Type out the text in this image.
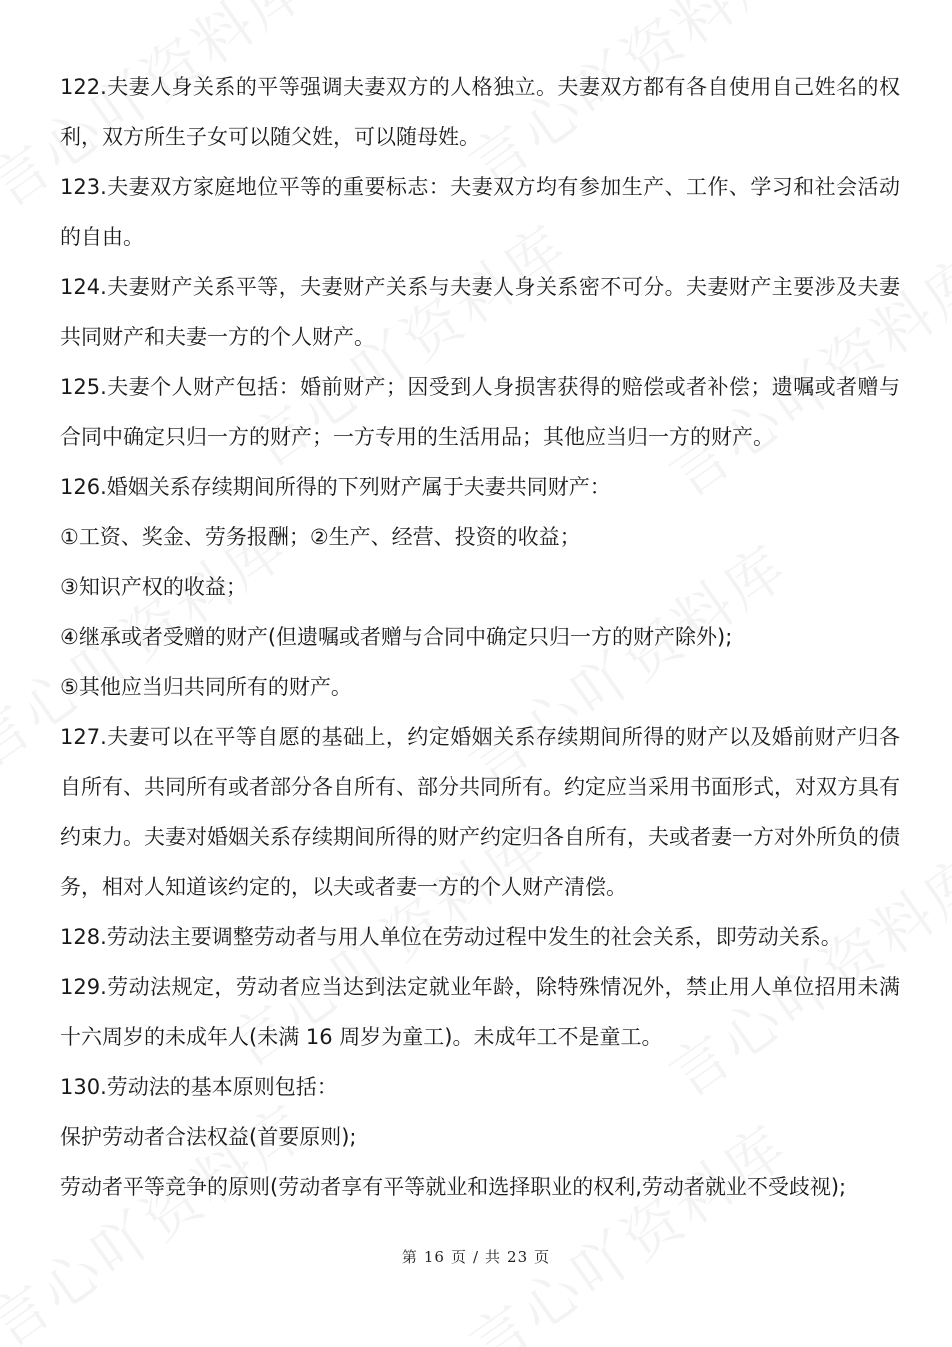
122.夫妻人身关系的平等强调夫妻双方的人格独立。夫妻双方都有各自使用自己姓名的权利，双方所生子女可以随父姓，可以随母姓。

123.夫妻双方家庭地位平等的重要标志：夫妻双方均有参加生产、工作、学习和社会活动的自由。

124.夫妻财产关系平等，夫妻财产关系与夫妻人身关系密不可分。夫妻财产主要涉及夫妻共同财产和夫妻一方的个人财产。

125.夫妻个人财产包括：婚前财产；因受到人身损害获得的赔偿或者补偿；遗嘱或者赠与合同中确定只归一方的财产；一方专用的生活用品；其他应当归一方的财产。

126.婚姻关系存续期间所得的下列财产属于夫妻共同财产：

①工资、奖金、劳务报酬；②生产、经营、投资的收益；

③知识产权的收益；

④继承或者受赠的财产(但遗嘱或者赠与合同中确定只归一方的财产除外);

⑤其他应当归共同所有的财产。

127.夫妻可以在平等自愿的基础上，约定婚姻关系存续期间所得的财产以及婚前财产归各自所有、共同所有或者部分各自所有、部分共同所有。约定应当采用书面形式，对双方具有约束力。夫妻对婚姻关系存续期间所得的财产约定归各自所有，夫或者妻一方对外所负的债务，相对人知道该约定的，以夫或者妻一方的个人财产清偿。

128.劳动法主要调整劳动者与用人单位在劳动过程中发生的社会关系，即劳动关系。

129.劳动法规定，劳动者应当达到法定就业年龄，除特殊情况外，禁止用人单位招用未满十六周岁的未成年人(未满 16 周岁为童工)。未成年工不是童工。

130.劳动法的基本原则包括：

保护劳动者合法权益(首要原则);

劳动者平等竞争的原则(劳动者享有平等就业和选择职业的权利,劳动者就业不受歧视);

第 16 页 / 共 23 页
